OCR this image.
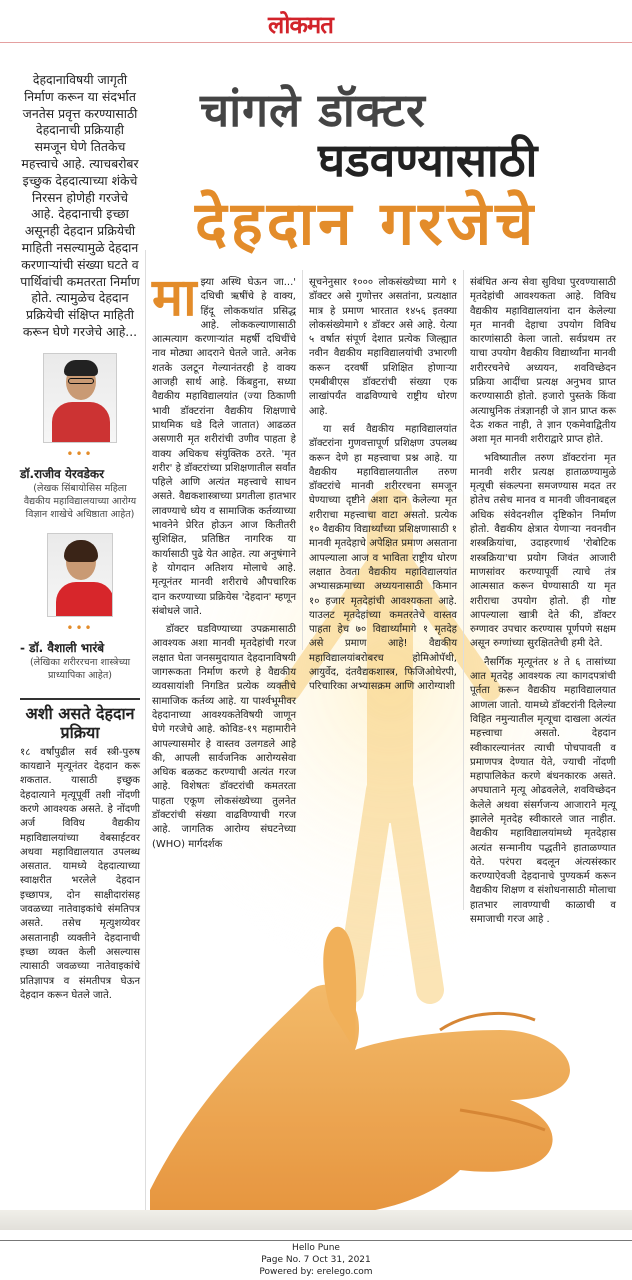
लोकमत
चांगले डॉक्टर
घडवण्यासाठी
देहदान गरजेचे

देहदानाविषयी जागृती निर्माण करून या संदर्भात जनतेस प्रवृत्त करण्यासाठी देहदानाची प्रक्रियाही समजून घेणे तितकेच महत्त्वाचे आहे. त्याचबरोबर इच्छुक देहदात्याच्या शंकेचे निरसन होणेही गरजेचे आहे. देहदानाची इच्छा असूनही देहदान प्रक्रियेची माहिती नसल्यामुळे देहदान करणाऱ्यांची संख्या घटते व पार्थिवांची कमतरता निर्माण होते. त्यामुळेच देहदान प्रक्रियेची संक्षिप्त माहिती करून घेणे गरजेचे आहे...

•••
डॉ.राजीव येरवडेकर

(लेखक सिंबायोसिस महिला वैद्यकीय महाविद्यालयाच्या आरोग्य विज्ञान शाखेचे अधिष्ठाता आहेत)

•••
- डॉ. वैशाली भारंबे

(लेखिका शरीररचना शास्त्रेच्या प्राध्यापिका आहेत)

अशी असते देहदान प्रक्रिया

१८ वर्षांपुढील सर्व स्त्री-पुरुष कायद्याने मृत्यूनंतर देहदान करू शकतात. यासाठी इच्छुक देहदात्याने मृत्यूपूर्वी तशी नोंदणी करणे आवश्यक असते. हे नोंदणी अर्ज विविध वैद्यकीय महाविद्यालयांच्या वेबसाईटवर अथवा महाविद्यालयात उपलब्ध असतात. यामध्ये देहदात्याच्या स्वाक्षरीत भरलेले देहदान इच्छापत्र, दोन साक्षीदारांसह जवळच्या नातेवाइकांचे संमतिपत्र असते. तसेच मृत्युशय्येवर असतानाही व्यक्तीने देहदानाची इच्छा व्यक्त केली असल्यास त्यासाठी जवळच्या नातेवाइकांचे प्रतिज्ञापत्र व संमतीपत्र घेऊन देहदान करून घेतले जाते.

मा झ्या अस्थि घेऊन जा...' दधिची ऋषींचे हे वाक्य, हिंदू लोककथांत प्रसिद्ध आहे. लोककल्याणासाठी आत्मत्याग करणाऱ्यांत महर्षी दधिचींचे नाव मोठ्या आदराने घेतले जाते. अनेक शतके उलटून गेल्यानंतरही हे वाक्य आजही सार्थ आहे. किंबहुना, सध्या वैद्यकीय महाविद्यालयांत (ज्या ठिकाणी भावी डॉक्टरांना वैद्यकीय शिक्षणाचे प्राथमिक धडे दिले जातात) आढळत असणारी मृत शरीरांची उणीव पाहता हे वाक्य अधिकच संयुक्तिक ठरते. 'मृत शरीर' हे डॉक्टरांच्या प्रशिक्षणातील सर्वांत पहिले आणि अत्यंत महत्त्वाचे साधन असते. वैद्यकशास्त्राच्या प्रगतीला हातभार लावण्याचे ध्येय व सामाजिक कर्तव्याच्या भावनेने प्रेरित होऊन आज कितीतरी सुशिक्षित, प्रतिष्ठित नागरिक या कार्यासाठी पुढे येत आहेत. त्या अनुषंगाने हे योगदान अतिशय मोलाचे आहे. मृत्यूनंतर मानवी शरीराचे औपचारिक दान करण्याच्या प्रक्रियेस 'देहदान' म्हणून संबोधले जाते.

डॉक्टर घडविण्याच्या उपक्रमासाठी आवश्यक अशा मानवी मृतदेहांची गरज लक्षात घेता जनसमुदायात देहदानाविषयी जागरूकता निर्माण करणे हे वैद्यकीय व्यवसायांशी निगडित प्रत्येक व्यक्तीचे सामाजिक कर्तव्य आहे. या पार्श्वभूमीवर देहदानाच्या आवश्यकतेविषयी जाणून घेणे गरजेचे आहे. कोविड-१९ महामारीने आपल्यासमोर हे वास्तव उलगडले आहे की, आपली सार्वजनिक आरोग्यसेवा अधिक बळकट करण्याची अत्यंत गरज आहे. विशेषतः डॉक्टरांची कमतरता पाहता एकूण लोकसंख्येच्या तुलनेत डॉक्टरांची संख्या वाढविण्याची गरज आहे. जागतिक आरोग्य संघटनेच्या (WHO) मार्गदर्शक

सूचनेनुसार १००० लोकसंख्येच्या मागे १ डॉक्टर असे गुणोत्तर असतांना, प्रत्यक्षात मात्र हे प्रमाण भारतात १४५६ इतक्या लोकसंख्येमागे १ डॉक्टर असे आहे. येत्या ५ वर्षात संपूर्ण देशात प्रत्येक जिल्ह्यात नवीन वैद्यकीय महाविद्यालयांची उभारणी करून दरवर्षी प्रशिक्षित होणाऱ्या एमबीबीएस डॉक्टरांची संख्या एक लाखांपर्यंत वाढविण्याचे राष्ट्रीय धोरण आहे.

या सर्व वैद्यकीय महाविद्यालयांत डॉक्टरांना गुणवत्तापूर्ण प्रशिक्षण उपलब्ध करून देणे हा महत्त्वाचा प्रश्न आहे. या वैद्यकीय महाविद्यालयातील तरुण डॉक्टरांचे मानवी शरीररचना समजून घेण्याच्या दृष्टीने अशा दान केलेल्या मृत शरीराचा महत्त्वाचा वाटा असतो. प्रत्येक १० वैद्यकीय विद्यार्थ्यांच्या प्रशिक्षणासाठी १ मानवी मृतदेहाचे अपेक्षित प्रमाण असताना आपल्याला आज व भाविता राष्ट्रीय धोरण लक्षात ठेवता वैद्यकीय महाविद्यालयांत अभ्यासक्रमाच्या अध्ययनासाठी किमान १० हजार मृतदेहांची आवश्यकता आहे. याउलट मृतदेहांच्या कमतरतेचे वास्तव पाहता हेच ७० विद्यार्थ्यांमागे १ मृतदेह असे प्रमाण आहे! वैद्यकीय महाविद्यालयांबरोबरच होमिओपॅथी, आयुर्वेद, दंतवैद्यकशास्त्र, फिजिओथेरपी, परिचारिका अभ्यासक्रम आणि आरोग्याशी

संबंधित अन्य सेवा सुविधा पुरवण्यासाठी मृतदेहांची आवश्यकता आहे. विविध वैद्यकीय महाविद्यालयांना दान केलेल्या मृत मानवी देहाचा उपयोग विविध कारणांसाठी केला जातो. सर्वप्रथम तर याचा उपयोग वैद्यकीय विद्यार्थ्यांना मानवी शरीररचनेचे अध्ययन, शवविच्छेदन प्रक्रिया आदींचा प्रत्यक्ष अनुभव प्राप्त करण्यासाठी होतो. हजारो पुस्तके किंवा अत्याधुनिक तंत्रज्ञानही जे ज्ञान प्राप्त करू देऊ शकत नाही, ते ज्ञान एकमेवाद्वितीय अशा मृत मानवी शरीराद्वारे प्राप्त होते.

भविष्यातील तरुण डॉक्टरांना मृत मानवी शरीर प्रत्यक्ष हाताळण्यामुळे मृत्यूची संकल्पना समजण्यास मदत तर होतेच तसेच मानव व मानवी जीवनाबद्दल अधिक संवेदनशील दृष्टिकोन निर्माण होतो. वैद्यकीय क्षेत्रात येणाऱ्या नवनवीन शस्त्रक्रियांचा, उदाहरणार्थ 'रोबोटिक शस्त्रक्रिया'चा प्रयोग जिवंत आजारी माणसांवर करण्यापूर्वी त्याचे तंत्र आत्मसात करून घेण्यासाठी या मृत शरीराचा उपयोग होतो. ही गोष्ट आपल्याला खात्री देते की, डॉक्टर रुग्णावर उपचार करण्यास पूर्णपणे सक्षम असून रुग्णांच्या सुरक्षिततेची हमी देते.

नैसर्गिक मृत्यूनंतर ४ ते ६ तासांच्या आत मृतदेह आवश्यक त्या कागदपत्रांची पूर्तता करून वैद्यकीय महाविद्यालयात आणला जातो. यामध्ये डॉक्टरांनी दिलेल्या विहित नमुन्यातील मृत्यूचा दाखला अत्यंत महत्त्वाचा असतो. देहदान स्वीकारल्यानंतर त्याची पोचपावती व प्रमाणपत्र देण्यात येते, ज्याची नोंदणी महापालिकेत करणे बंधनकारक असते. अपघाताने मृत्यू ओढवलेले, शवविच्छेदन केलेले अथवा संसर्गजन्य आजाराने मृत्यू झालेले मृतदेह स्वीकारले जात नाहीत. वैद्यकीय महाविद्यालयांमध्ये मृतदेहास अत्यंत सन्मानीय पद्धतीने हाताळण्यात येते. परंपरा बदलून अंत्यसंस्कार करण्याऐवजी देहदानाचे पुण्यकर्म करून वैद्यकीय शिक्षण व संशोधनासाठी मोलाचा हातभार लावण्याची काळाची व समाजाची गरज आहे .

Hello Pune
Page No. 7 Oct 31, 2021
Powered by: erelego.com
